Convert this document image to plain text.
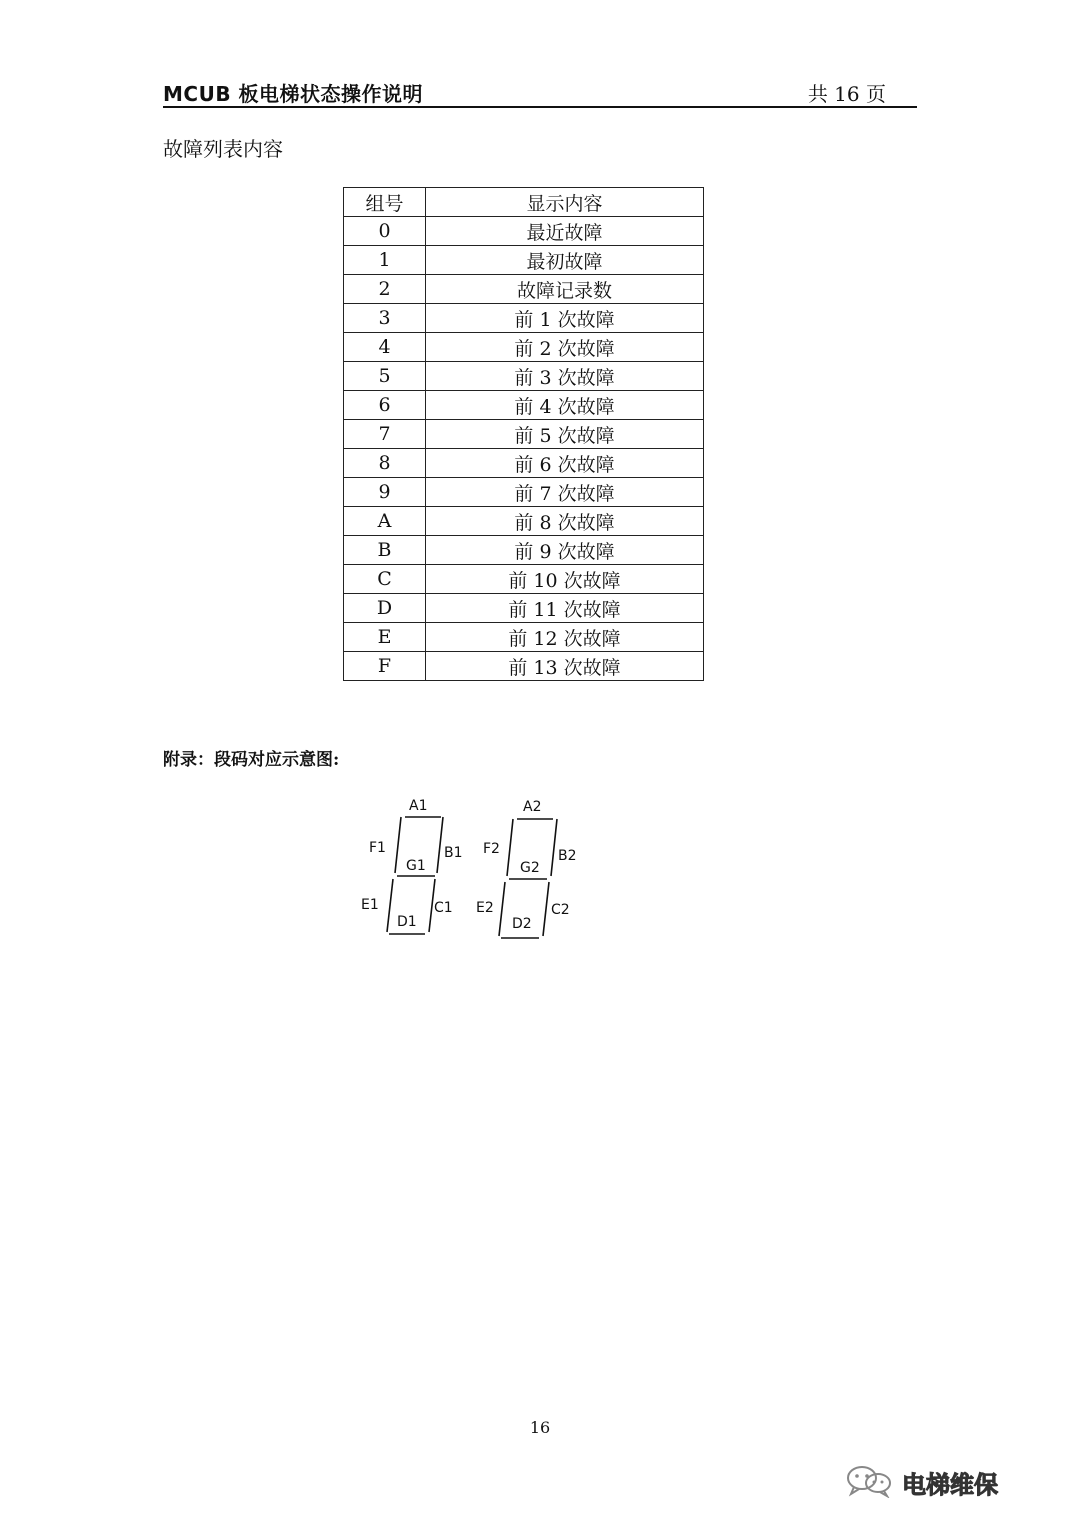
MCUB 板电梯状态操作说明	共 16 页
故障列表内容
组号	显示内容
0	最近故障
1	最初故障
2	故障记录数
3	前 1 次故障
4	前 2 次故障
5	前 3 次故障
6	前 4 次故障
7	前 5 次故障
8	前 6 次故障
9	前 7 次故障
A	前 8 次故障
B	前 9 次故障
C	前 10 次故障
D	前 11 次故障
E	前 12 次故障
F	前 13 次故障
附录：段码对应示意图:
A1
F1	B1
G1
E1	C1
D1
A2
F2	B2
G2
E2	C2
D2
16
电梯维保
